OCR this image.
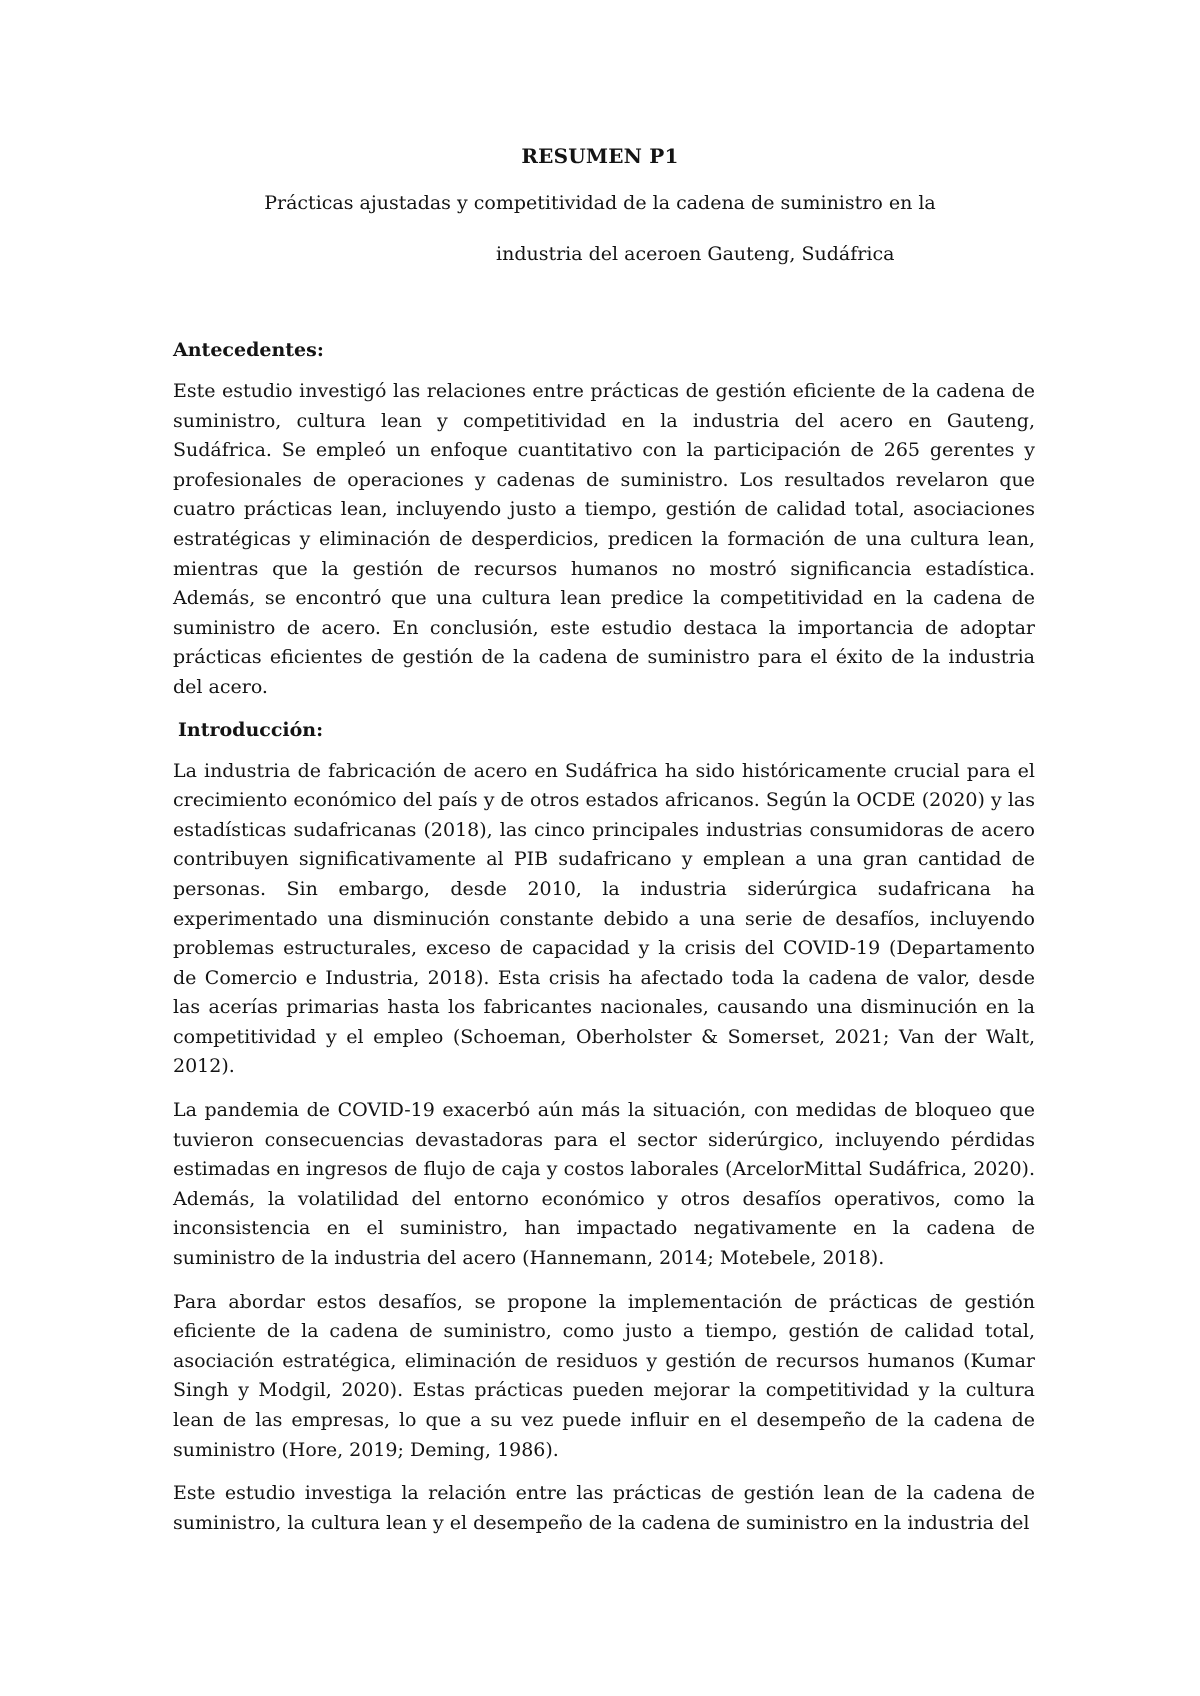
RESUMEN P1

Prácticas ajustadas y competitividad de la cadena de suministro en la

industria del aceroen Gauteng, Sudáfrica

Antecedentes:

Este estudio investigó las relaciones entre prácticas de gestión eficiente de la cadena de suministro, cultura lean y competitividad en la industria del acero en Gauteng, Sudáfrica. Se empleó un enfoque cuantitativo con la participación de 265 gerentes y profesionales de operaciones y cadenas de suministro. Los resultados revelaron que cuatro prácticas lean, incluyendo justo a tiempo, gestión de calidad total, asociaciones estratégicas y eliminación de desperdicios, predicen la formación de una cultura lean, mientras que la gestión de recursos humanos no mostró significancia estadística. Además, se encontró que una cultura lean predice la competitividad en la cadena de suministro de acero. En conclusión, este estudio destaca la importancia de adoptar prácticas eficientes de gestión de la cadena de suministro para el éxito de la industria del acero.

Introducción:

La industria de fabricación de acero en Sudáfrica ha sido históricamente crucial para el crecimiento económico del país y de otros estados africanos. Según la OCDE (2020) y las estadísticas sudafricanas (2018), las cinco principales industrias consumidoras de acero contribuyen significativamente al PIB sudafricano y emplean a una gran cantidad de personas. Sin embargo, desde 2010, la industria siderúrgica sudafricana ha experimentado una disminución constante debido a una serie de desafíos, incluyendo problemas estructurales, exceso de capacidad y la crisis del COVID-19 (Departamento de Comercio e Industria, 2018). Esta crisis ha afectado toda la cadena de valor, desde las acerías primarias hasta los fabricantes nacionales, causando una disminución en la competitividad y el empleo (Schoeman, Oberholster & Somerset, 2021; Van der Walt, 2012).

La pandemia de COVID-19 exacerbó aún más la situación, con medidas de bloqueo que tuvieron consecuencias devastadoras para el sector siderúrgico, incluyendo pérdidas estimadas en ingresos de flujo de caja y costos laborales (ArcelorMittal Sudáfrica, 2020). Además, la volatilidad del entorno económico y otros desafíos operativos, como la inconsistencia en el suministro, han impactado negativamente en la cadena de suministro de la industria del acero (Hannemann, 2014; Motebele, 2018).

Para abordar estos desafíos, se propone la implementación de prácticas de gestión eficiente de la cadena de suministro, como justo a tiempo, gestión de calidad total, asociación estratégica, eliminación de residuos y gestión de recursos humanos (Kumar Singh y Modgil, 2020). Estas prácticas pueden mejorar la competitividad y la cultura lean de las empresas, lo que a su vez puede influir en el desempeño de la cadena de suministro (Hore, 2019; Deming, 1986).

Este estudio investiga la relación entre las prácticas de gestión lean de la cadena de suministro, la cultura lean y el desempeño de la cadena de suministro en la industria del
